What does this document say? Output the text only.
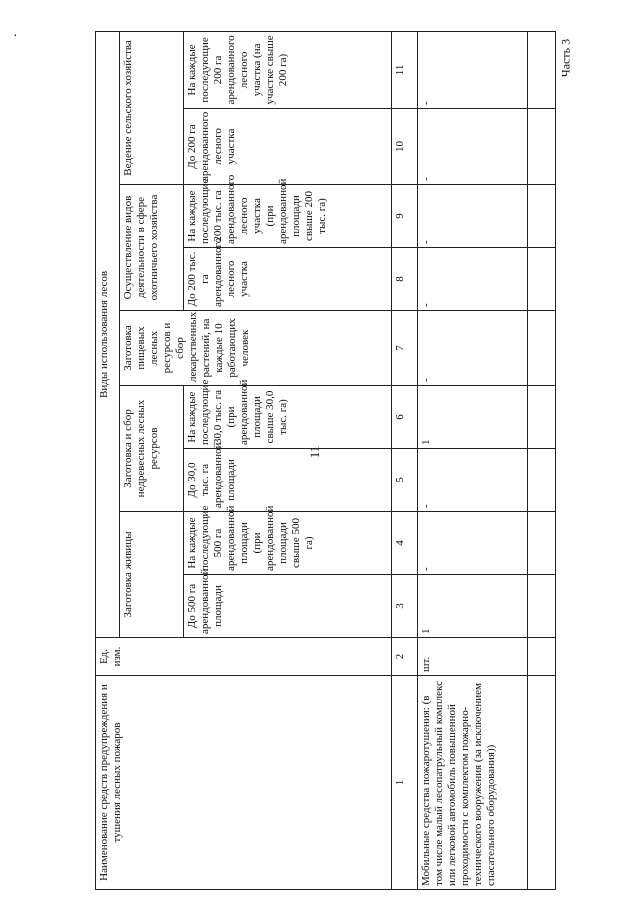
·
11
Часть 3
Наименование средств предупреждения и тушения лесных пожаров	Ед. изм.	Виды использования лесов								
		Заготовка живицы		Заготовка и сбор недревесных лесных ресурсов		Заготовка пищевых лесных ресурсов и сбор лекарственных растений, на каждые 10 работающих человек	Осуществление видов деятельности в сфере охотничьего хозяйства		Ведение сельского хозяйства	
		До 500 га арендованной площади	На каждые последующие 500 га арендованной площади (при арендованной площади свыше 500 га)	До 30,0 тыс. га арендованной площади	На каждые последующие 30,0 тыс. га (при арендованной площади свыше 30,0 тыс. га)		До 200 тыс. га арендованного лесного участка	На каждые последующие 200 тыс. га арендованного лесного участка (при арендованной площади свыше 200 тыс. га)	До 200 га арендованного лесного участка	На каждые последующие 200 га арендованного лесного участка (на участке свыше 200 га)
1	2	3	4	5	6	7	8	9	10	11
Мобильные средства пожаротушения: (в том числе малый лесопатрульный комплекс или легковой автомобиль повышенной проходимости с комплектом пожарно-технического вооружения (за исключением спасательного оборудования))	шт.	1	-	-	1	-	-	-	-	-
